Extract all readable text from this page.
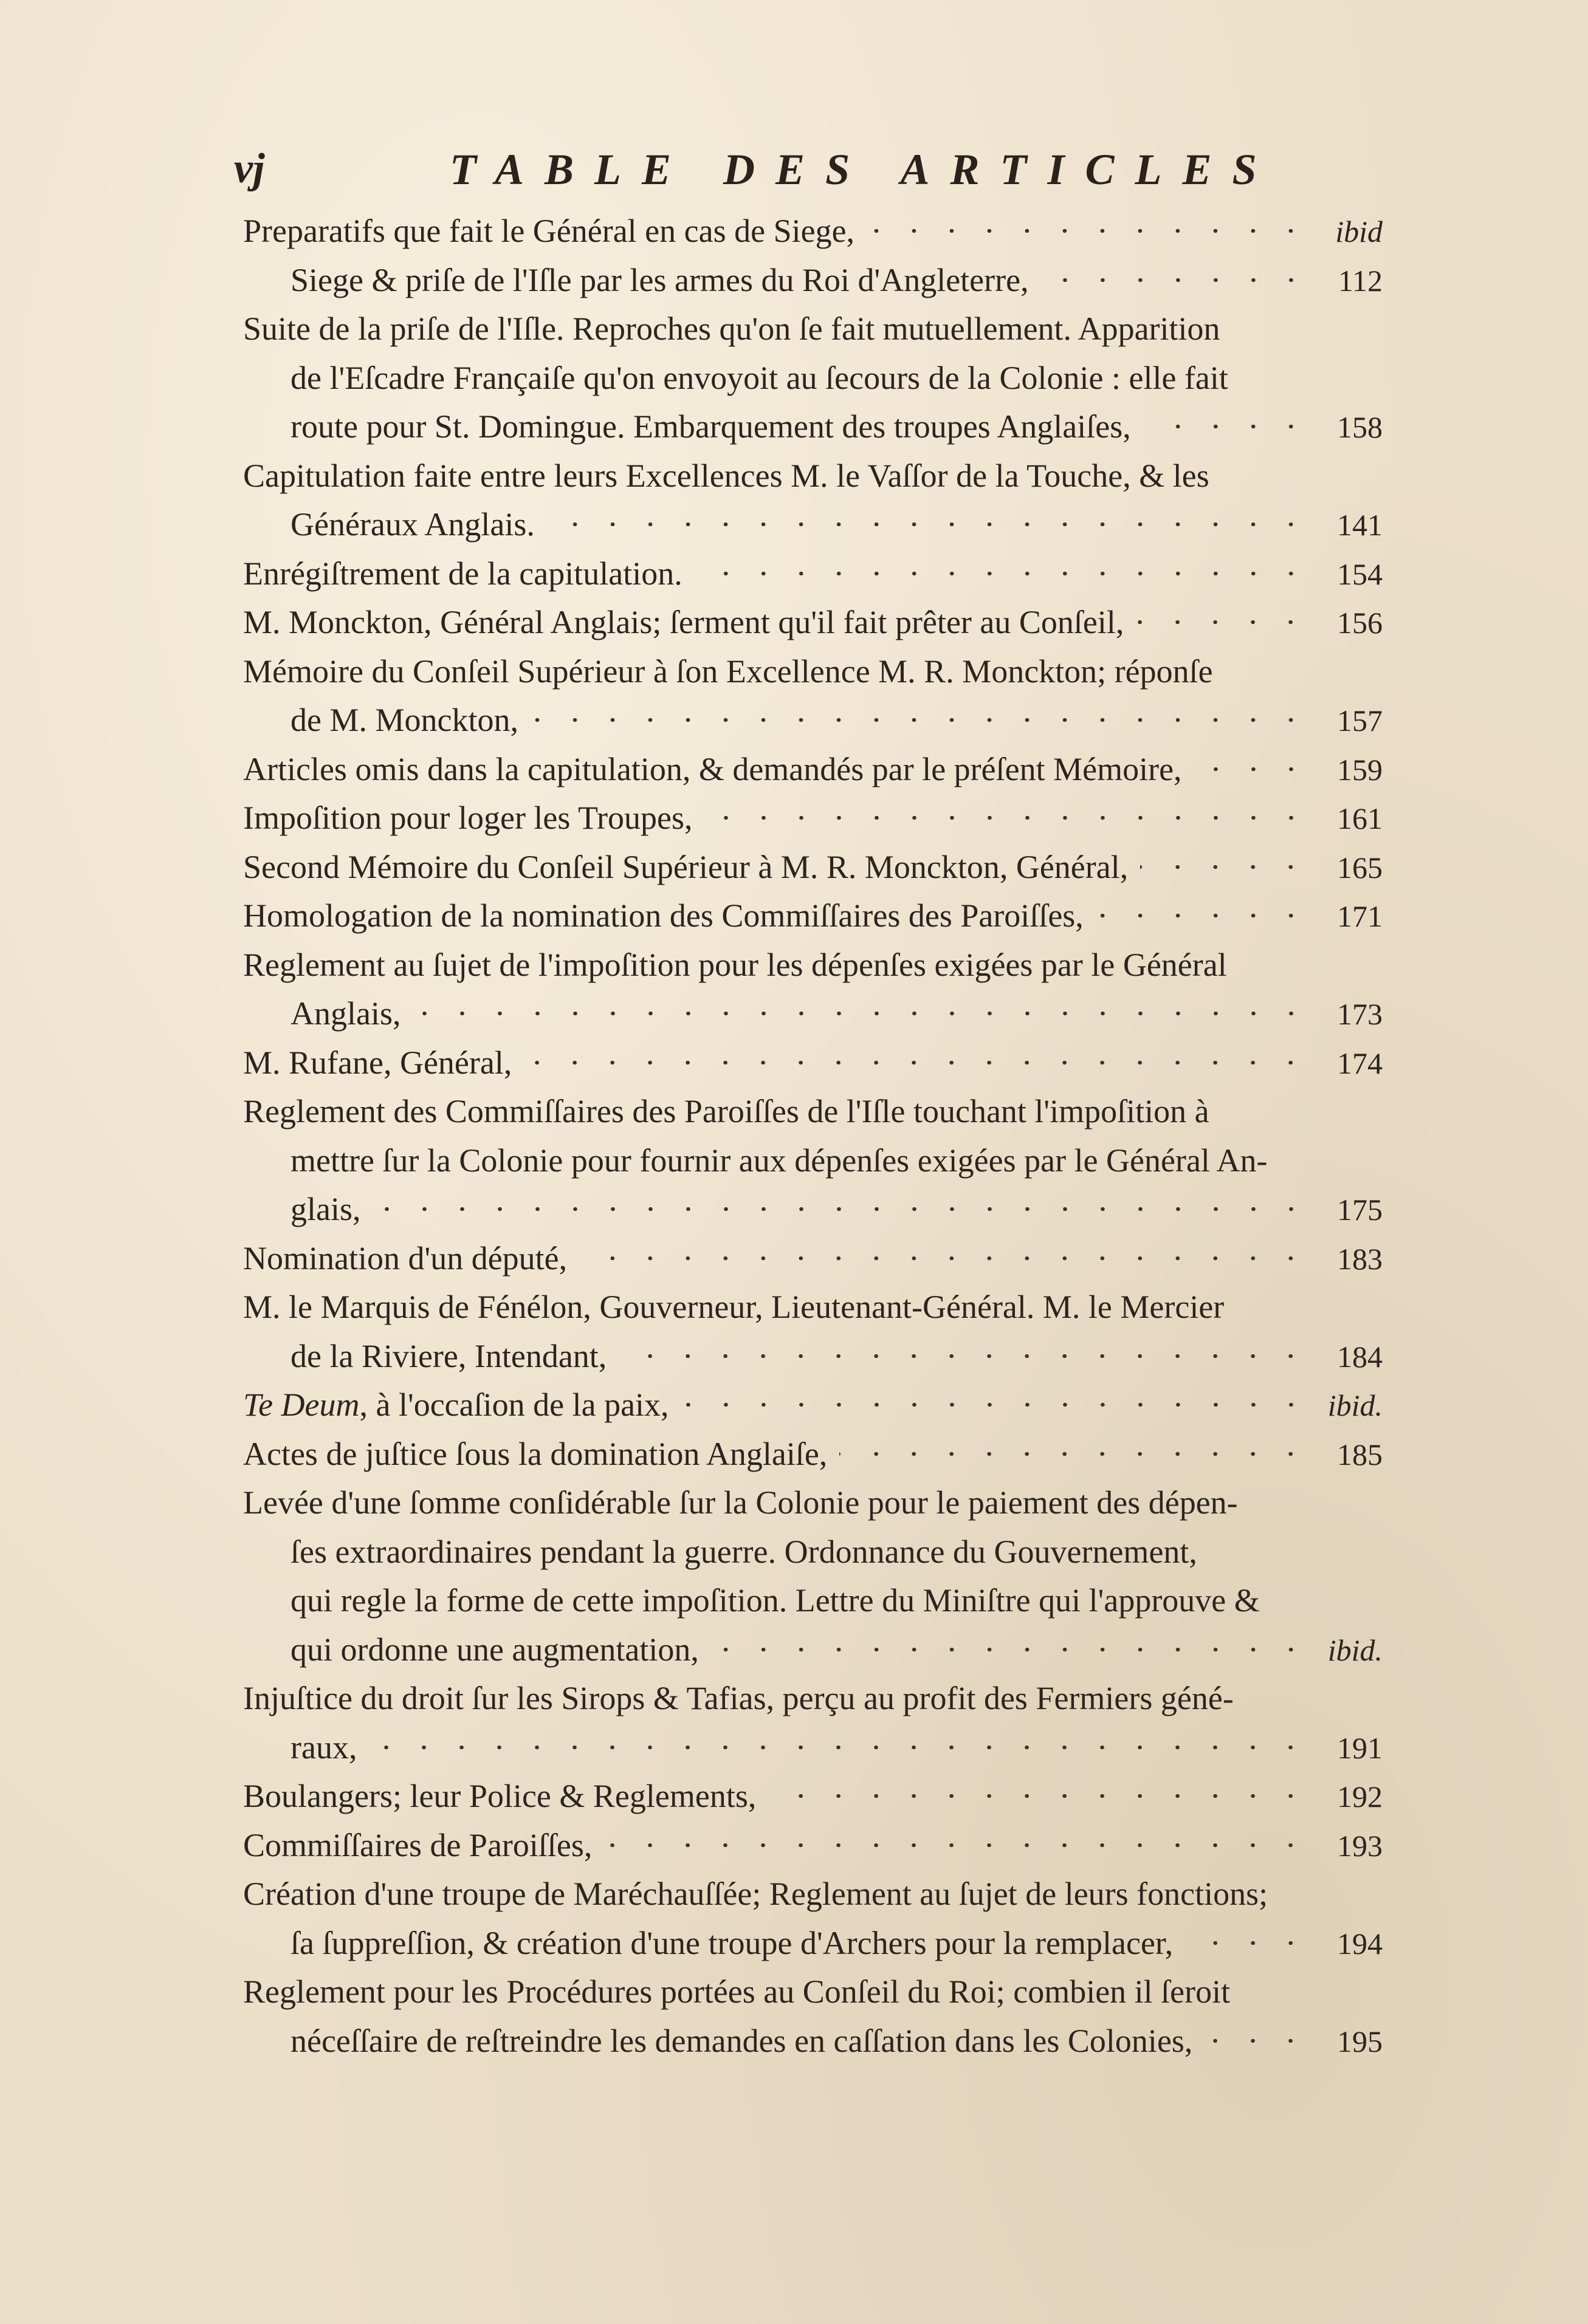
vj	TABLE DES ARTICLES
Preparatifs que fait le Général en cas de Siege,	ibid
Siege & priſe de l'Iſle par les armes du Roi d'Angleterre,	112
Suite de la priſe de l'Iſle. Reproches qu'on ſe fait mutuellement. Apparition
de l'Eſcadre Françaiſe qu'on envoyoit au ſecours de la Colonie : elle fait
route pour St. Domingue. Embarquement des troupes Anglaiſes,	158
Capitulation faite entre leurs Excellences M. le Vaſſor de la Touche, & les
Généraux Anglais.	141
Enrégiſtrement de la capitulation.	154
M. Monckton, Général Anglais; ſerment qu'il fait prêter au Conſeil,	156
Mémoire du Conſeil Supérieur à ſon Excellence M. R. Monckton; réponſe
de M. Monckton,	157
Articles omis dans la capitulation, & demandés par le préſent Mémoire,	159
Impoſition pour loger les Troupes,	161
Second Mémoire du Conſeil Supérieur à M. R. Monckton, Général,	165
Homologation de la nomination des Commiſſaires des Paroiſſes,	171
Reglement au ſujet de l'impoſition pour les dépenſes exigées par le Général
Anglais,	173
M. Rufane, Général,	174
Reglement des Commiſſaires des Paroiſſes de l'Iſle touchant l'impoſition à
mettre ſur la Colonie pour fournir aux dépenſes exigées par le Général An-
glais,	175
Nomination d'un député,	183
M. le Marquis de Fénélon, Gouverneur, Lieutenant-Général. M. le Mercier
de la Riviere, Intendant,	184
Te Deum, à l'occaſion de la paix,	ibid.
Actes de juſtice ſous la domination Anglaiſe,	185
Levée d'une ſomme conſidérable ſur la Colonie pour le paiement des dépen-
ſes extraordinaires pendant la guerre. Ordonnance du Gouvernement,
qui regle la forme de cette impoſition. Lettre du Miniſtre qui l'approuve &
qui ordonne une augmentation,	ibid.
Injuſtice du droit ſur les Sirops & Tafias, perçu au profit des Fermiers géné-
raux,	191
Boulangers; leur Police & Reglements,	192
Commiſſaires de Paroiſſes,	193
Création d'une troupe de Maréchauſſée; Reglement au ſujet de leurs fonctions;
ſa ſuppreſſion, & création d'une troupe d'Archers pour la remplacer,	194
Reglement pour les Procédures portées au Conſeil du Roi; combien il ſeroit
néceſſaire de reſtreindre les demandes en caſſation dans les Colonies,	195
